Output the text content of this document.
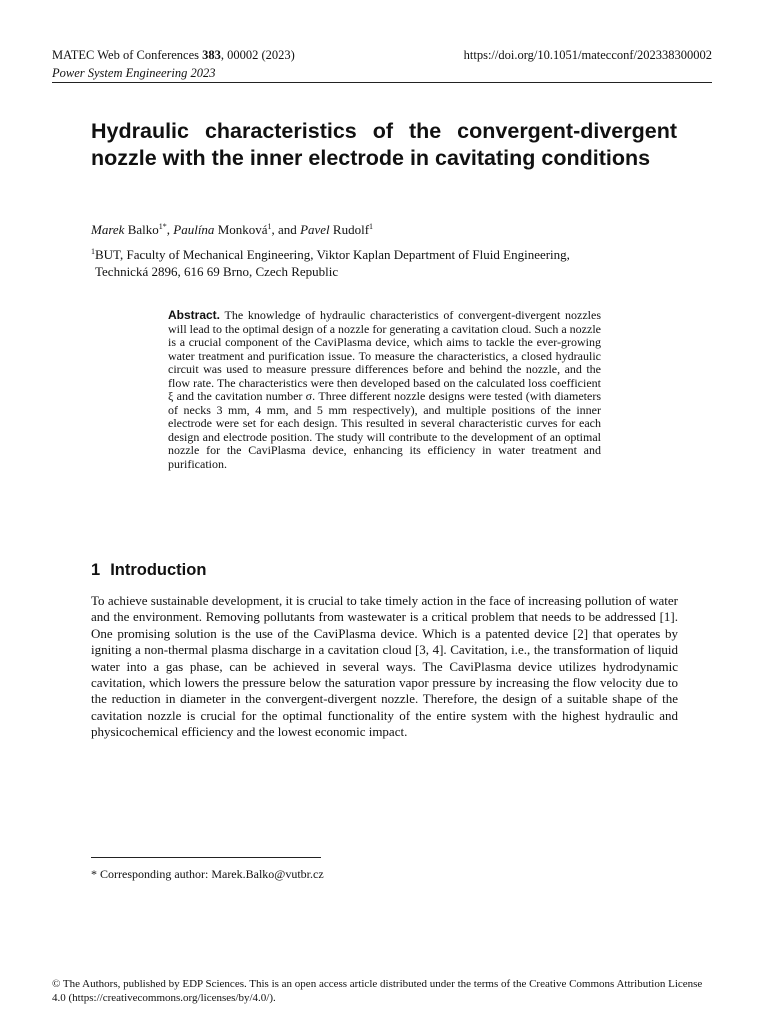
MATEC Web of Conferences 383, 00002 (2023)	https://doi.org/10.1051/matecconf/202338300002
Power System Engineering 2023
Hydraulic characteristics of the convergent-divergent nozzle with the inner electrode in cavitating conditions
Marek Balko$^{1*}$, Paulína Monková$^1$, and Pavel Rudolf$^1$
$^1$BUT, Faculty of Mechanical Engineering, Viktor Kaplan Department of Fluid Engineering,
Technická 2896, 616 69 Brno, Czech Republic

Abstract. The knowledge of hydraulic characteristics of convergent-divergent nozzles will lead to the optimal design of a nozzle for generating a cavitation cloud. Such a nozzle is a crucial component of the CaviPlasma device, which aims to tackle the ever-growing water treatment and purification issue. To measure the characteristics, a closed hydraulic circuit was used to measure pressure differences before and behind the nozzle, and the flow rate. The characteristics were then developed based on the calculated loss coefficient ξ and the cavitation number σ. Three different nozzle designs were tested (with diameters of necks 3 mm, 4 mm, and 5 mm respectively), and multiple positions of the inner electrode were set for each design. This resulted in several characteristic curves for each design and electrode position. The study will contribute to the development of an optimal nozzle for the CaviPlasma device, enhancing its efficiency in water treatment and purification.

1 Introduction

To achieve sustainable development, it is crucial to take timely action in the face of increasing pollution of water and the environment. Removing pollutants from wastewater is a critical problem that needs to be addressed [1]. One promising solution is the use of the CaviPlasma device. Which is a patented device [2] that operates by igniting a non-thermal plasma discharge in a cavitation cloud [3, 4]. Cavitation, i.e., the transformation of liquid water into a gas phase, can be achieved in several ways. The CaviPlasma device utilizes hydrodynamic cavitation, which lowers the pressure below the saturation vapor pressure by increasing the flow velocity due to the reduction in diameter in the convergent-divergent nozzle. Therefore, the design of a suitable shape of the cavitation nozzle is crucial for the optimal functionality of the entire system with the highest hydraulic and physicochemical efficiency and the lowest economic impact.

* Corresponding author: Marek.Balko@vutbr.cz

© The Authors, published by EDP Sciences. This is an open access article distributed under the terms of the Creative Commons Attribution License 4.0 (https://creativecommons.org/licenses/by/4.0/).
